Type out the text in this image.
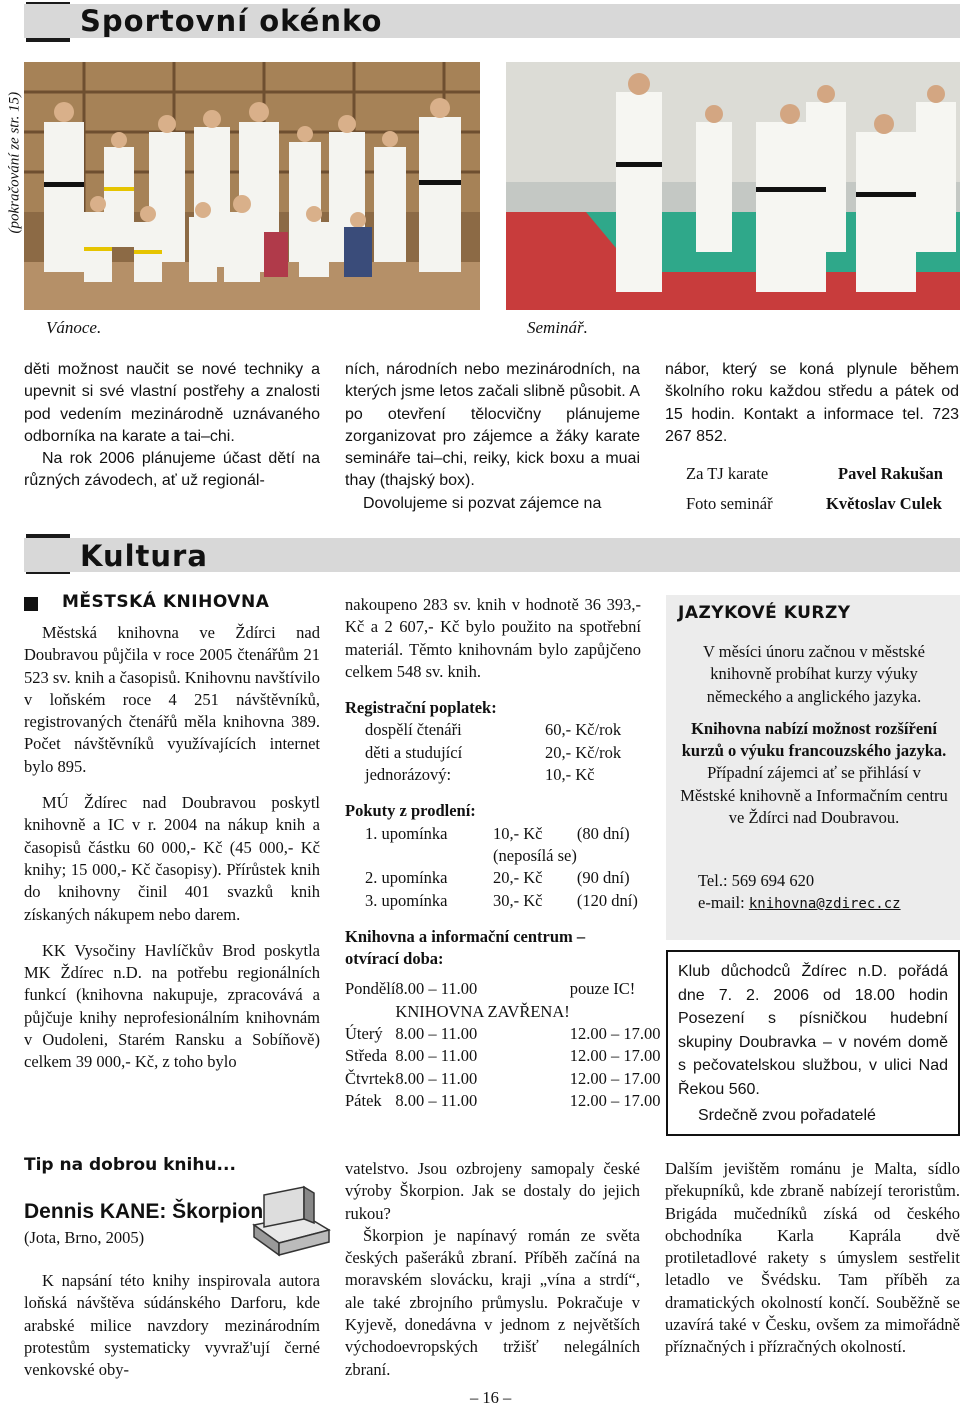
(pokračování ze str. 15)
Sportovní okénko
Vánoce.	Seminář.

děti možnost naučit se nové techniky a upevnit si své vlastní postřehy a znalosti pod vedením mezinárodně uznávaného odborníka na karate a tai–chi.

Na rok 2006 plánujeme účast dětí na různých závodech, ať už regionál-

ních, národních nebo mezinárodních, na kterých jsme letos začali slibně působit. A po otevření tělocvičny plánujeme zorganizovat pro zájemce a žáky karate semináře tai–chi, reiky, kick boxu a muai thay (thajský box).

Dovolujeme si pozvat zájemce na

nábor, který se koná plynule během školního roku každou středu a pátek od 15 hodin. Kontakt a informace tel. 723 267 852.

Za TJ karate	Pavel Rakušan
Foto seminář	Květoslav Culek
Kultura
MĚSTSKÁ KNIHOVNA

Městská knihovna ve Ždírci nad Doubravou půjčila v roce 2005 čtenářům 21 523 sv. knih a časopisů. Knihovnu navštívilo v loňském roce 4 251 návštěvníků, registrovaných čtenářů měla knihovna 389. Počet návštěvníků využívajících internet bylo 895.

MÚ Ždírec nad Doubravou poskytl knihovně a IC v r. 2004 na nákup knih a časopisů částku 60 000,- Kč (45 000,- Kč knihy; 15 000,- Kč časopisy). Přírůstek knih do knihovny činil 401 svazků knih získaných nákupem nebo darem.

KK Vysočiny Havlíčkův Brod poskytla MK Ždírec n.D. na potřebu regionálních funkcí (knihovna nakupuje, zpracovává a půjčuje knihy neprofesionálním knihovnám v Oudoleni, Starém Ransku a Sobíňově) celkem 39 000,- Kč, z toho bylo

nakoupeno 283 sv. knih v hodnotě 36 393,- Kč a 2 607,- Kč bylo použito na spotřební materiál. Těmto knihovnám bylo zapůjčeno celkem 548 sv. knih.

Registrační poplatek:

dospělí čtenáři	60,- Kč/rok
děti a studující	20,- Kč/rok
jednorázový:	10,- Kč

Pokuty z prodlení:

1. upomínka	10,- Kč	(80 dní)
	(neposílá se)	
2. upomínka	20,- Kč	(90 dní)
3. upomínka	30,- Kč	(120 dní)

Knihovna a informační centrum – otvírací doba:

Pondělí	8.00 – 11.00	pouze IC!
	KNIHOVNA ZAVŘENA!	
Úterý	8.00 – 11.00	12.00 – 17.00
Středa	8.00 – 11.00	12.00 – 17.00
Čtvrtek	8.00 – 11.00	12.00 – 17.00
Pátek	8.00 – 11.00	12.00 – 17.00
JAZYKOVÉ KURZY

V měsíci únoru začnou v městské knihovně probíhat kurzy výuky německého a anglického jazyka.

Knihovna nabízí možnost rozšíření kurzů o výuku francouzského jazyka. Případní zájemci ať se přihlásí v Městské knihovně a Informačním centru ve Ždírci nad Doubravou.

Tel.: 569 694 620
e-mail: knihovna@zdirec.cz
Klub důchodců Ždírec n.D. pořádá dne 7. 2. 2006 od 18.00 hodin Posezení s písničkou hudební skupiny Doubravka – v novém domě s pečovatelskou službou, v ulici Nad Řekou 560.
Srdečně zvou pořadatelé
Tip na dobrou knihu...
Dennis KANE: Škorpion
(Jota, Brno, 2005)

K napsání této knihy inspirovala autora loňská návštěva súdánského Darforu, kde arabské milice navzdory mezinárodním protestům systematicky vyvraž'ují černé venkovské oby-

vatelstvo. Jsou ozbrojeny samopaly české výroby Škorpion. Jak se dostaly do jejich rukou?

Škorpion je napínavý román ze světa českých pašeráků zbraní. Příběh začíná na moravském slovácku, kraji „vína a strdí“, ale také zbrojního průmyslu. Pokračuje v Kyjevě, donedávna v jednom z největších východoevropských tržišť nelegálních zbraní.

Dalším jevištěm románu je Malta, sídlo překupníků, kde zbraně nabízejí teroristům. Brigáda mučedníků získá od českého obchodníka Karla Kaprála dvě protiletadlové rakety s úmyslem sestřelit letadlo ve Švédsku. Tam příběh za dramatických okolností končí. Souběžně se uzavírá také v Česku, ovšem za mimořádně příznačných i přízračných okolností.

– 16 –
